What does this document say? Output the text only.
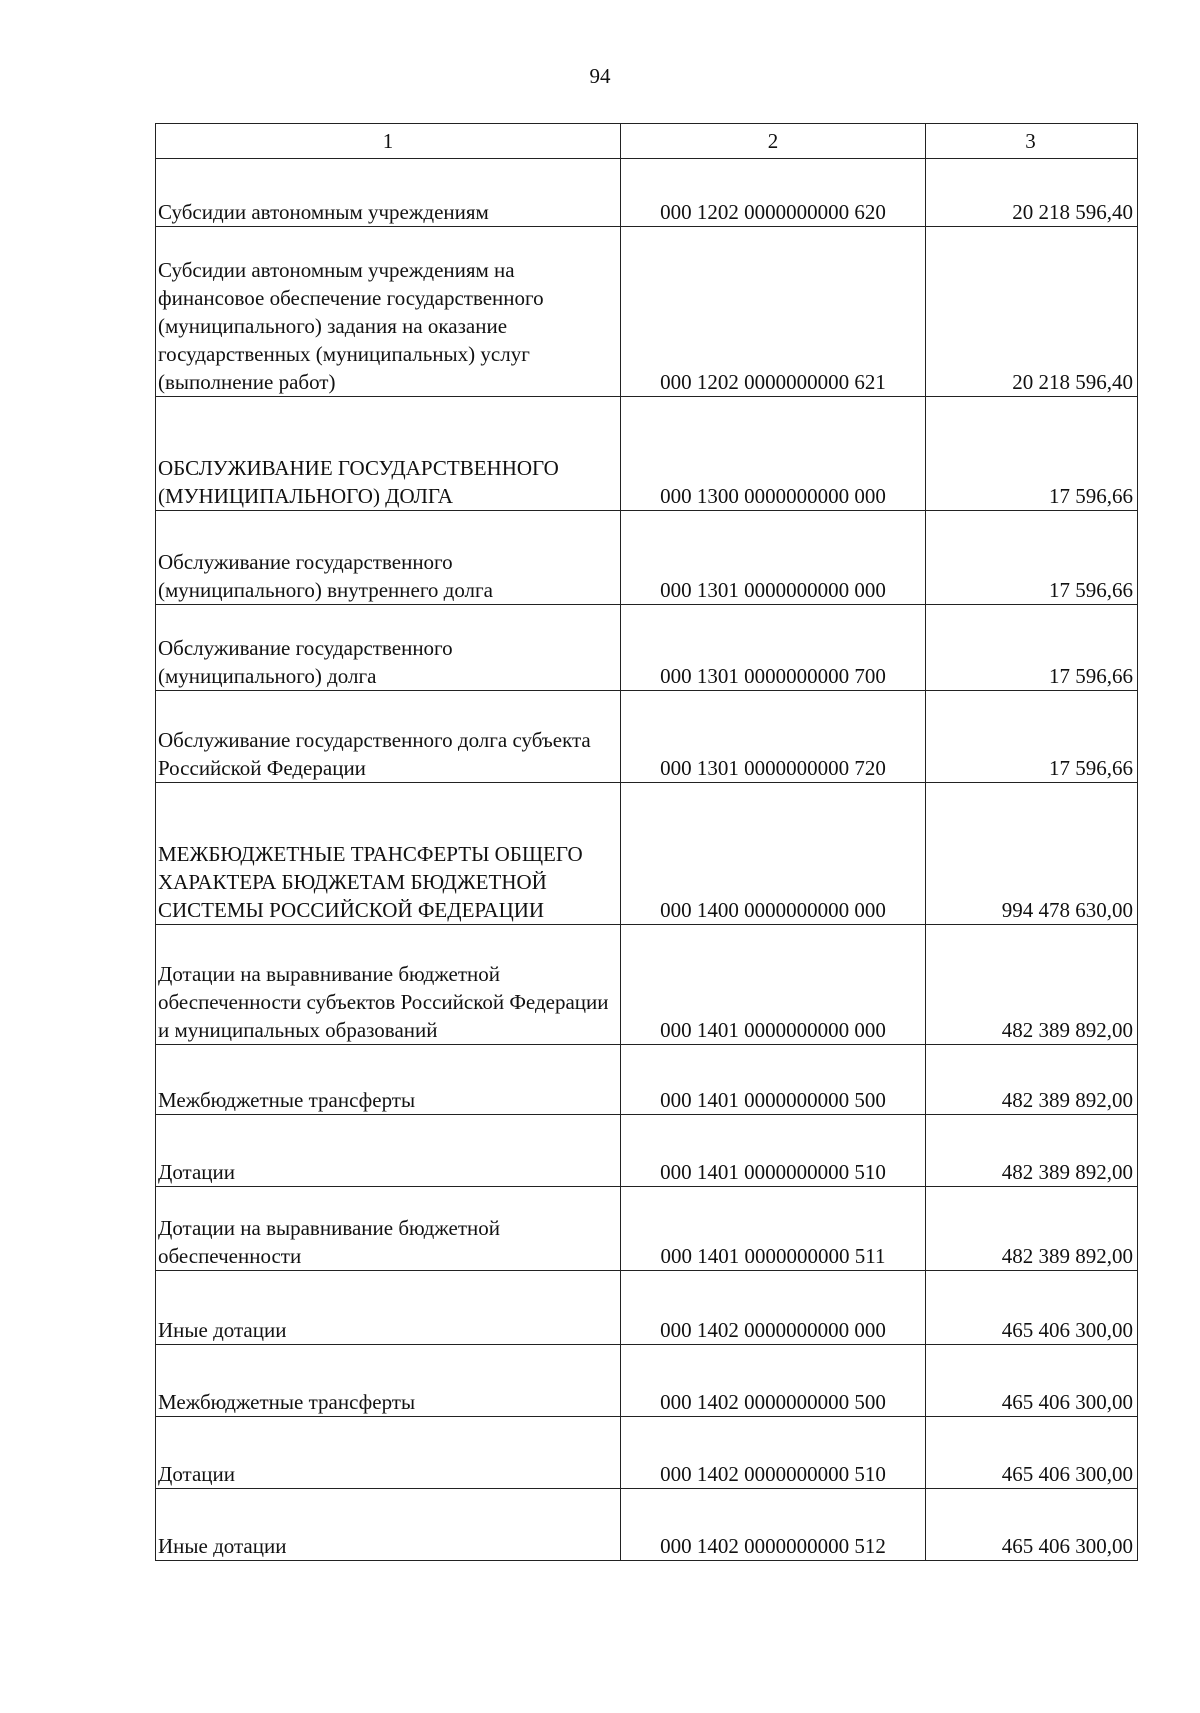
94
1	2	3
Субсидии автономным учреждениям	000 1202 0000000000 620	20 218 596,40
Субсидии автономным учреждениям на финансовое обеспечение государственного (муниципального) задания на оказание государственных (муниципальных) услуг (выполнение работ)	000 1202 0000000000 621	20 218 596,40
ОБСЛУЖИВАНИЕ ГОСУДАРСТВЕННОГО (МУНИЦИПАЛЬНОГО) ДОЛГА	000 1300 0000000000 000	17 596,66
Обслуживание государственного (муниципального) внутреннего долга	000 1301 0000000000 000	17 596,66
Обслуживание государственного (муниципального) долга	000 1301 0000000000 700	17 596,66
Обслуживание государственного долга субъекта Российской Федерации	000 1301 0000000000 720	17 596,66
МЕЖБЮДЖЕТНЫЕ ТРАНСФЕРТЫ ОБЩЕГО ХАРАКТЕРА БЮДЖЕТАМ БЮДЖЕТНОЙ СИСТЕМЫ РОССИЙСКОЙ ФЕДЕРАЦИИ	000 1400 0000000000 000	994 478 630,00
Дотации на выравнивание бюджетной обеспеченности субъектов Российской Федерации и муниципальных образований	000 1401 0000000000 000	482 389 892,00
Межбюджетные трансферты	000 1401 0000000000 500	482 389 892,00
Дотации	000 1401 0000000000 510	482 389 892,00
Дотации на выравнивание бюджетной обеспеченности	000 1401 0000000000 511	482 389 892,00
Иные дотации	000 1402 0000000000 000	465 406 300,00
Межбюджетные трансферты	000 1402 0000000000 500	465 406 300,00
Дотации	000 1402 0000000000 510	465 406 300,00
Иные дотации	000 1402 0000000000 512	465 406 300,00
